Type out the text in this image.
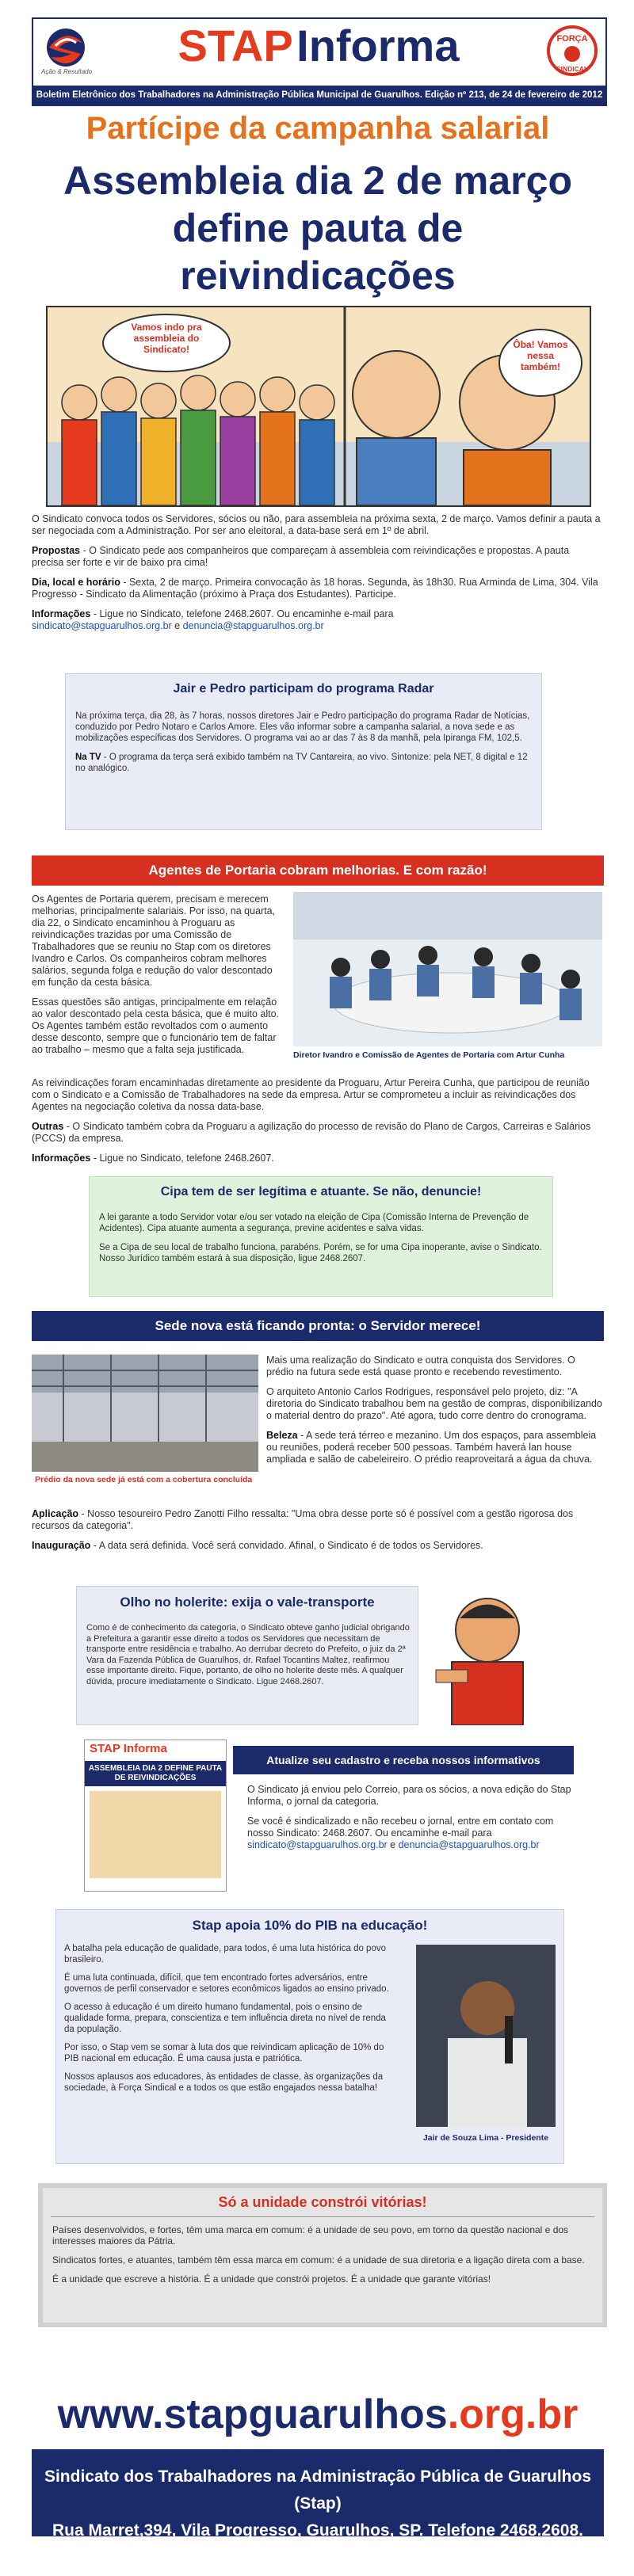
Ação & Resultado
STAP Informa	FORÇA
SINDICAL
Boletim Eletrônico dos Trabalhadores na Administração Pública Municipal de Guarulhos. Edição nº 213, de 24 de fevereiro de 2012
Partícipe da campanha salarial
Assembleia dia 2 de março
define pauta de reivindicações
Vamos indo pra assembleia do Sindicato!	Ôba! Vamos nessa também!

O Sindicato convoca todos os Servidores, sócios ou não, para assembleia na próxima sexta, 2 de março. Vamos definir a pauta a ser negociada com a Administração. Por ser ano eleitoral, a data-base será em 1º de abril.

Propostas - O Sindicato pede aos companheiros que compareçam à assembleia com reivindicações e propostas. A pauta precisa ser forte e vir de baixo pra cima!

Dia, local e horário - Sexta, 2 de março. Primeira convocação às 18 horas. Segunda, às 18h30. Rua Arminda de Lima, 304. Vila Progresso - Sindicato da Alimentação (próximo à Praça dos Estudantes). Participe.

Informações - Ligue no Sindicato, telefone 2468.2607. Ou encaminhe e-mail para
sindicato@stapguarulhos.org.br e denuncia@stapguarulhos.org.br

Jair e Pedro participam do programa Radar

Na próxima terça, dia 28, às 7 horas, nossos diretores Jair e Pedro participação do programa Radar de Notícias, conduzido por Pedro Notaro e Carlos Amore. Eles vão informar sobre a campanha salarial, a nova sede e as mobilizações específicas dos Servidores. O programa vai ao ar das 7 às 8 da manhã, pela Ipiranga FM, 102,5.

Na TV - O programa da terça será exibido também na TV Cantareira, ao vivo. Sintonize: pela NET, 8 digital e 12 no analógico.

Agentes de Portaria cobram melhorias. E com razão!

Os Agentes de Portaria querem, precisam e merecem melhorias, principalmente salariais. Por isso, na quarta, dia 22, o Sindicato encaminhou à Proguaru as reivindicações trazidas por uma Comissão de Trabalhadores que se reuniu no Stap com os diretores Ivandro e Carlos. Os companheiros cobram melhores salários, segunda folga e redução do valor descontado em função da cesta básica.

Essas questões são antigas, principalmente em relação ao valor descontado pela cesta básica, que é muito alto. Os Agentes também estão revoltados com o aumento desse desconto, sempre que o funcionário tem de faltar ao trabalho – mesmo que a falta seja justificada.	Diretor Ivandro e Comissão de Agentes de Portaria com Artur Cunha

As reivindicações foram encaminhadas diretamente ao presidente da Proguaru, Artur Pereira Cunha, que participou de reunião com o Sindicato e a Comissão de Trabalhadores na sede da empresa. Artur se comprometeu a incluir as reivindicações dos Agentes na negociação coletiva da nossa data-base.

Outras - O Sindicato também cobra da Proguaru a agilização do processo de revisão do Plano de Cargos, Carreiras e Salários (PCCS) da empresa.

Informações - Ligue no Sindicato, telefone 2468.2607.

Cipa tem de ser legítima e atuante. Se não, denuncie!

A lei garante a todo Servidor votar e/ou ser votado na eleição de Cipa (Comissão Interna de Prevenção de Acidentes). Cipa atuante aumenta a segurança, previne acidentes e salva vidas.

Se a Cipa de seu local de trabalho funciona, parabéns. Porém, se for uma Cipa inoperante, avise o Sindicato. Nosso Jurídico também estará à sua disposição, ligue 2468.2607.

Sede nova está ficando pronta: o Servidor merece!
Prédio da nova sede já está com a cobertura concluída

Mais uma realização do Sindicato e outra conquista dos Servidores. O prédio na futura sede está quase pronto e recebendo revestimento.

O arquiteto Antonio Carlos Rodrigues, responsável pelo projeto, diz: "A diretoria do Sindicato trabalhou bem na gestão de compras, disponibilizando o material dentro do prazo". Até agora, tudo corre dentro do cronograma.

Beleza - A sede terá térreo e mezanino. Um dos espaços, para assembleia ou reuniões, poderá receber 500 pessoas. Também haverá lan house ampliada e salão de cabeleireiro. O prédio reaproveitará a água da chuva.

Aplicação - Nosso tesoureiro Pedro Zanotti Filho ressalta: "Uma obra desse porte só é possível com a gestão rigorosa dos recursos da categoria".

Inauguração - A data será definida. Você será convidado. Afinal, o Sindicato é de todos os Servidores.

Olho no holerite: exija o vale-transporte
Como é de conhecimento da categoria, o Sindicato obteve ganho judicial obrigando a Prefeitura a garantir esse direito a todos os Servidores que necessitam de transporte entre residência e trabalho. Ao derrubar decreto do Prefeito, o juiz da 2ª Vara da Fazenda Pública de Guarulhos, dr. Rafael Tocantins Maltez, reafirmou esse importante direito. Fique, portanto, de olho no holerite deste mês. A qualquer dúvida, procure imediatamente o Sindicato. Ligue 2468.2607.
STAP Informa
ASSEMBLEIA DIA 2 DEFINE PAUTA DE REIVINDICAÇÕES
Atualize seu cadastro e receba nossos informativos

O Sindicato já enviou pelo Correio, para os sócios, a nova edição do Stap Informa, o jornal da categoria.

Se você é sindicalizado e não recebeu o jornal, entre em contato com nosso Sindicato: 2468.2607. Ou encaminhe e-mail para sindicato@stapguarulhos.org.br e denuncia@stapguarulhos.org.br

Stap apoia 10% do PIB na educação!

A batalha pela educação de qualidade, para todos, é uma luta histórica do povo brasileiro.

É uma luta continuada, difícil, que tem encontrado fortes adversários, entre governos de perfil conservador e setores econômicos ligados ao ensino privado.

O acesso à educação é um direito humano fundamental, pois o ensino de qualidade forma, prepara, conscientiza e tem influência direta no nível de renda da população.

Por isso, o Stap vem se somar à luta dos que reivindicam aplicação de 10% do PIB nacional em educação. É uma causa justa e patriótica.

Nossos aplausos aos educadores, às entidades de classe, às organizações da sociedade, à Força Sindical e a todos os que estão engajados nessa batalha!

Jair de Souza Lima - Presidente
Só a unidade constrói vitórias!

Países desenvolvidos, e fortes, têm uma marca em comum: é a unidade de seu povo, em torno da questão nacional e dos interesses maiores da Pátria.

Sindicatos fortes, e atuantes, também têm essa marca em comum: é a unidade de sua diretoria e a ligação direta com a base.

É a unidade que escreve a história. É a unidade que constrói projetos. É a unidade que garante vitórias!

www.stapguarulhos.org.br
Sindicato dos Trabalhadores na Administração Pública de Guarulhos (Stap)
Rua Marret,394, Vila Progresso, Guarulhos, SP. Telefone 2468.2608.
